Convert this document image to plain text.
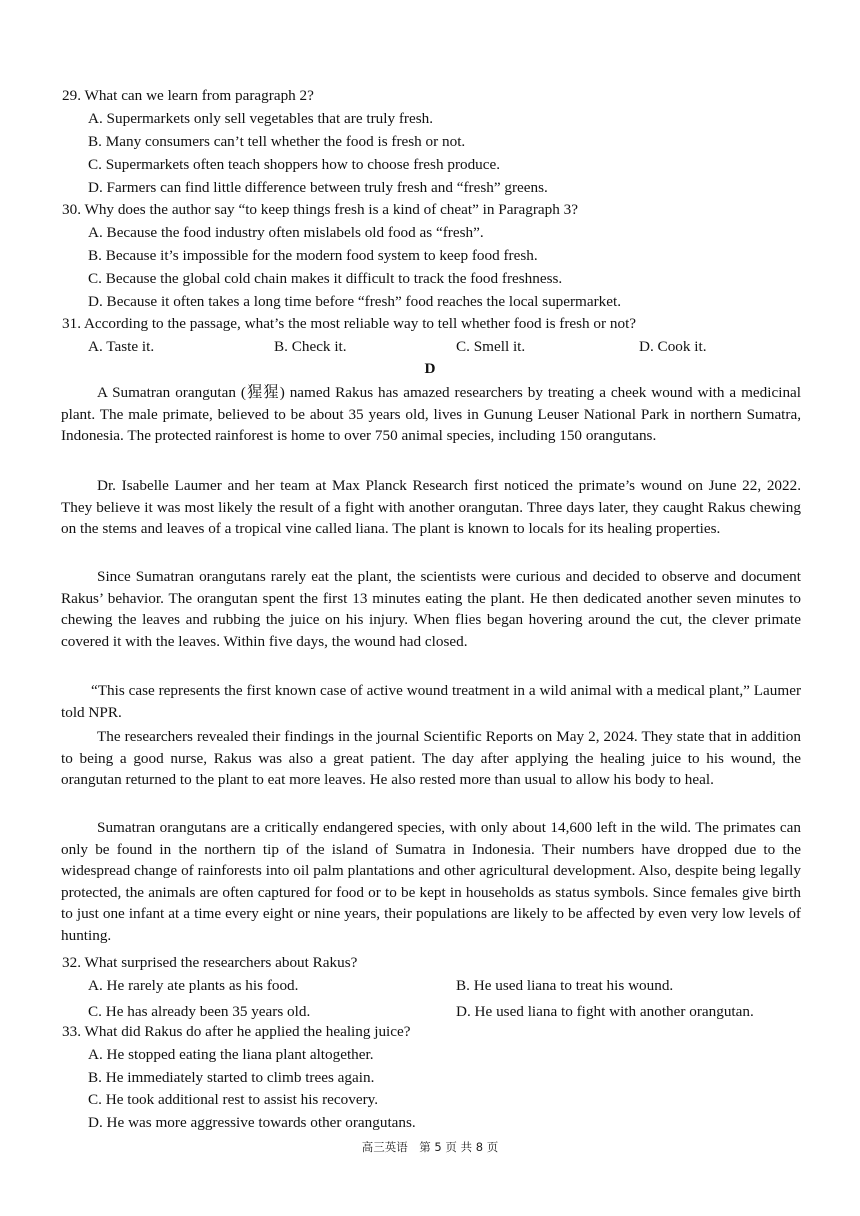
29. What can we learn from paragraph 2?
A. Supermarkets only sell vegetables that are truly fresh.
B. Many consumers can’t tell whether the food is fresh or not.
C. Supermarkets often teach shoppers how to choose fresh produce.
D. Farmers can find little difference between truly fresh and “fresh” greens.
30. Why does the author say “to keep things fresh is a kind of cheat” in Paragraph 3?
A. Because the food industry often mislabels old food as “fresh”.
B. Because it’s impossible for the modern food system to keep food fresh.
C. Because the global cold chain makes it difficult to track the food freshness.
D. Because it often takes a long time before “fresh” food reaches the local supermarket.
31. According to the passage, what’s the most reliable way to tell whether food is fresh or not?
A. Taste it.	B. Check it.	C. Smell it.	D. Cook it.
D
A Sumatran orangutan (猩猩) named Rakus has amazed researchers by treating a cheek wound with a medicinal plant. The male primate, believed to be about 35 years old, lives in Gunung Leuser National Park in northern Sumatra, Indonesia. The protected rainforest is home to over 750 animal species, including 150 orangutans.
Dr. Isabelle Laumer and her team at Max Planck Research first noticed the primate’s wound on June 22, 2022. They believe it was most likely the result of a fight with another orangutan. Three days later, they caught Rakus chewing on the stems and leaves of a tropical vine called liana. The plant is known to locals for its healing properties.
Since Sumatran orangutans rarely eat the plant, the scientists were curious and decided to observe and document Rakus’ behavior. The orangutan spent the first 13 minutes eating the plant. He then dedicated another seven minutes to chewing the leaves and rubbing the juice on his injury. When flies began hovering around the cut, the clever primate covered it with the leaves. Within five days, the wound had closed.
“This case represents the first known case of active wound treatment in a wild animal with a medical plant,” Laumer told NPR.
The researchers revealed their findings in the journal Scientific Reports on May 2, 2024. They state that in addition to being a good nurse, Rakus was also a great patient. The day after applying the healing juice to his wound, the orangutan returned to the plant to eat more leaves. He also rested more than usual to allow his body to heal.
Sumatran orangutans are a critically endangered species, with only about 14,600 left in the wild. The primates can only be found in the northern tip of the island of Sumatra in Indonesia. Their numbers have dropped due to the widespread change of rainforests into oil palm plantations and other agricultural development. Also, despite being legally protected, the animals are often captured for food or to be kept in households as status symbols. Since females give birth to just one infant at a time every eight or nine years, their populations are likely to be affected by even very low levels of hunting.
32. What surprised the researchers about Rakus?
A. He rarely ate plants as his food.	B. He used liana to treat his wound.
C. He has already been 35 years old.	D. He used liana to fight with another orangutan.
33. What did Rakus do after he applied the healing juice?
A. He stopped eating the liana plant altogether.
B. He immediately started to climb trees again.
C. He took additional rest to assist his recovery.
D. He was more aggressive towards other orangutans.
高三英语　第 5 页 共 8 页
